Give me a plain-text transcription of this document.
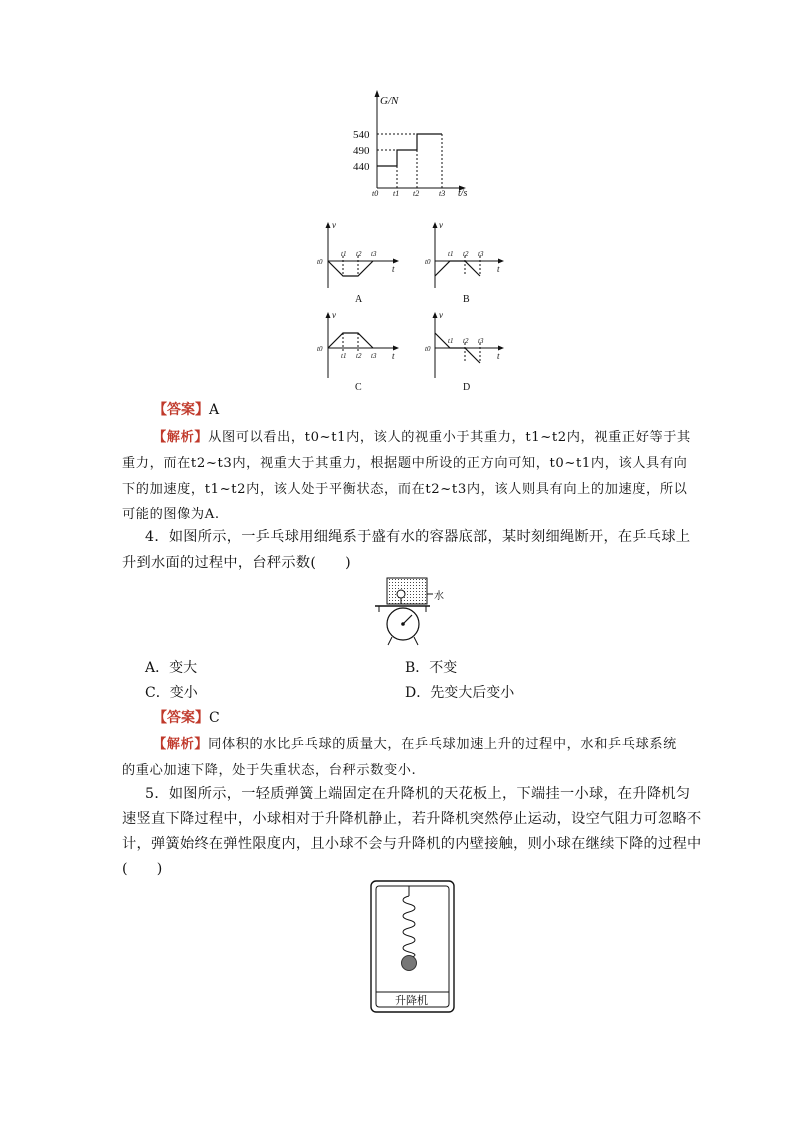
G/N
t/s
540
490
440
t0 t1 t2 t3
v
t
t0
t1 t2 t3
A
v
t
t0
t1 t2 t3
B
v
t
t0
t1 t2 t3
C
v
t
t0
t1 t2 t3
D
【答案】A
【解析】从图可以看出，t0~t1内，该人的视重小于其重力，t1~t2内，视重正好等于其
重力，而在t2~t3内，视重大于其重力，根据题中所设的正方向可知，t0~t1内，该人具有向
下的加速度，t1~t2内，该人处于平衡状态，而在t2~t3内，该人则具有向上的加速度，所以
可能的图像为A.
4．如图所示，一乒乓球用细绳系于盛有水的容器底部，某时刻细绳断开，在乒乓球上
升到水面的过程中，台秤示数(　　)
水
A．变大	B．不变
C．变小	D．先变大后变小
【答案】C
【解析】同体积的水比乒乓球的质量大，在乒乓球加速上升的过程中，水和乒乓球系统
的重心加速下降，处于失重状态，台秤示数变小.
5．如图所示，一轻质弹簧上端固定在升降机的天花板上，下端挂一小球，在升降机匀
速竖直下降过程中，小球相对于升降机静止，若升降机突然停止运动，设空气阻力可忽略不
计，弹簧始终在弹性限度内，且小球不会与升降机的内壁接触，则小球在继续下降的过程中
(　　)
升降机
